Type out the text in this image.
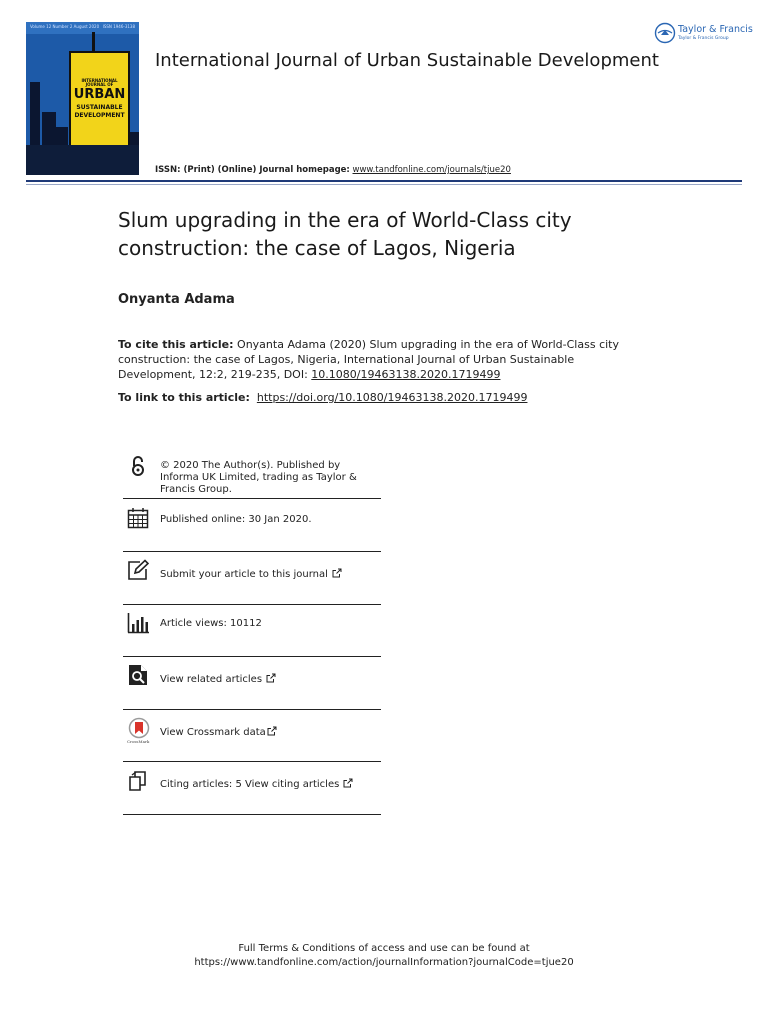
Volume 12 Number 2 August 2020 ISSN 1946-3138
INTERNATIONAL JOURNAL OF
URBAN
SUSTAINABLE
DEVELOPMENT
International Journal of Urban Sustainable Development
Taylor & Francis
Taylor & Francis Group
ISSN: (Print) (Online) Journal homepage: www.tandfonline.com/journals/tjue20
Slum upgrading in the era of World-Class city construction: the case of Lagos, Nigeria
Onyanta Adama
To cite this article: Onyanta Adama (2020) Slum upgrading in the era of World-Class city construction: the case of Lagos, Nigeria, International Journal of Urban Sustainable Development, 12:2, 219-235, DOI: 10.1080/19463138.2020.1719499
To link to this article: https://doi.org/10.1080/19463138.2020.1719499
© 2020 The Author(s). Published by Informa UK Limited, trading as Taylor & Francis Group.
Published online: 30 Jan 2020.
Submit your article to this journal
Article views: 10112
View related articles
View Crossmark data
CrossMark
Citing articles: 5 View citing articles
Full Terms & Conditions of access and use can be found at
https://www.tandfonline.com/action/journalInformation?journalCode=tjue20
